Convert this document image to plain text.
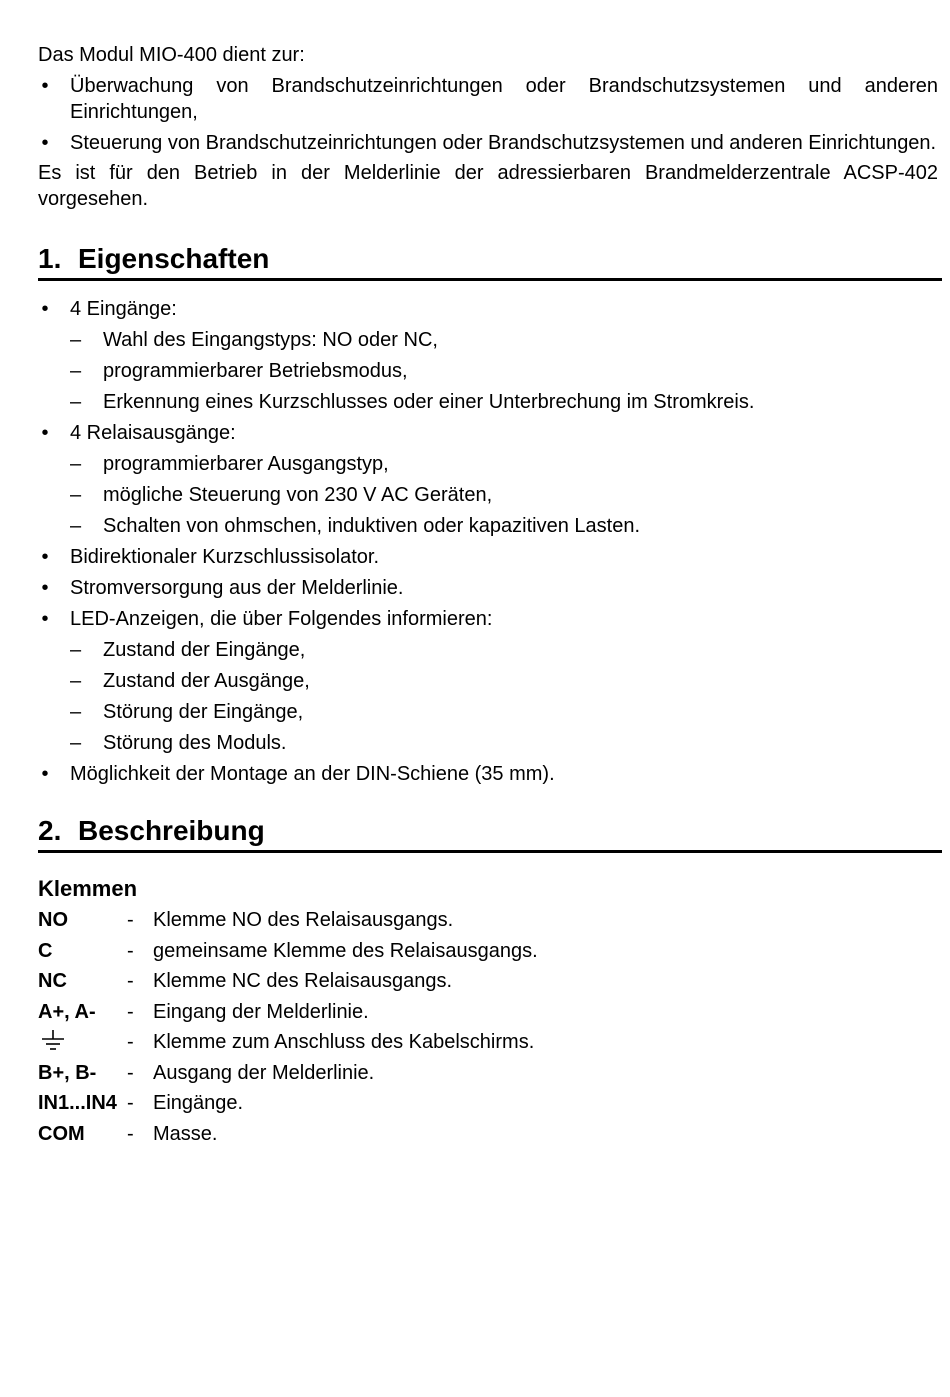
Das Modul MIO-400 dient zur:

• Überwachung von Brandschutzeinrichtungen oder Brandschutzsystemen und anderen Einrichtungen,
• Steuerung von Brandschutzeinrichtungen oder Brandschutzsystemen und anderen Einrichtungen.

Es ist für den Betrieb in der Melderlinie der adressierbaren Brandmelderzentrale ACSP-402 vorgesehen.

1. Eigenschaften
• 4 Eingänge:
– Wahl des Eingangstyps: NO oder NC,
– programmierbarer Betriebsmodus,
– Erkennung eines Kurzschlusses oder einer Unterbrechung im Stromkreis.
• 4 Relaisausgänge:
– programmierbarer Ausgangstyp,
– mögliche Steuerung von 230 V AC Geräten,
– Schalten von ohmschen, induktiven oder kapazitiven Lasten.
• Bidirektionaler Kurzschlussisolator.
• Stromversorgung aus der Melderlinie.
• LED-Anzeigen, die über Folgendes informieren:
– Zustand der Eingänge,
– Zustand der Ausgänge,
– Störung der Eingänge,
– Störung des Moduls.
• Möglichkeit der Montage an der DIN-Schiene (35 mm).
2. Beschreibung
Klemmen
NO	- Klemme NO des Relaisausgangs.
C	- gemeinsame Klemme des Relaisausgangs.
NC	- Klemme NC des Relaisausgangs.
A+, A- - Eingang der Melderlinie.
- Klemme zum Anschluss des Kabelschirms.
B+, B- - Ausgang der Melderlinie.
IN1...IN4 - Eingänge.
COM - Masse.
